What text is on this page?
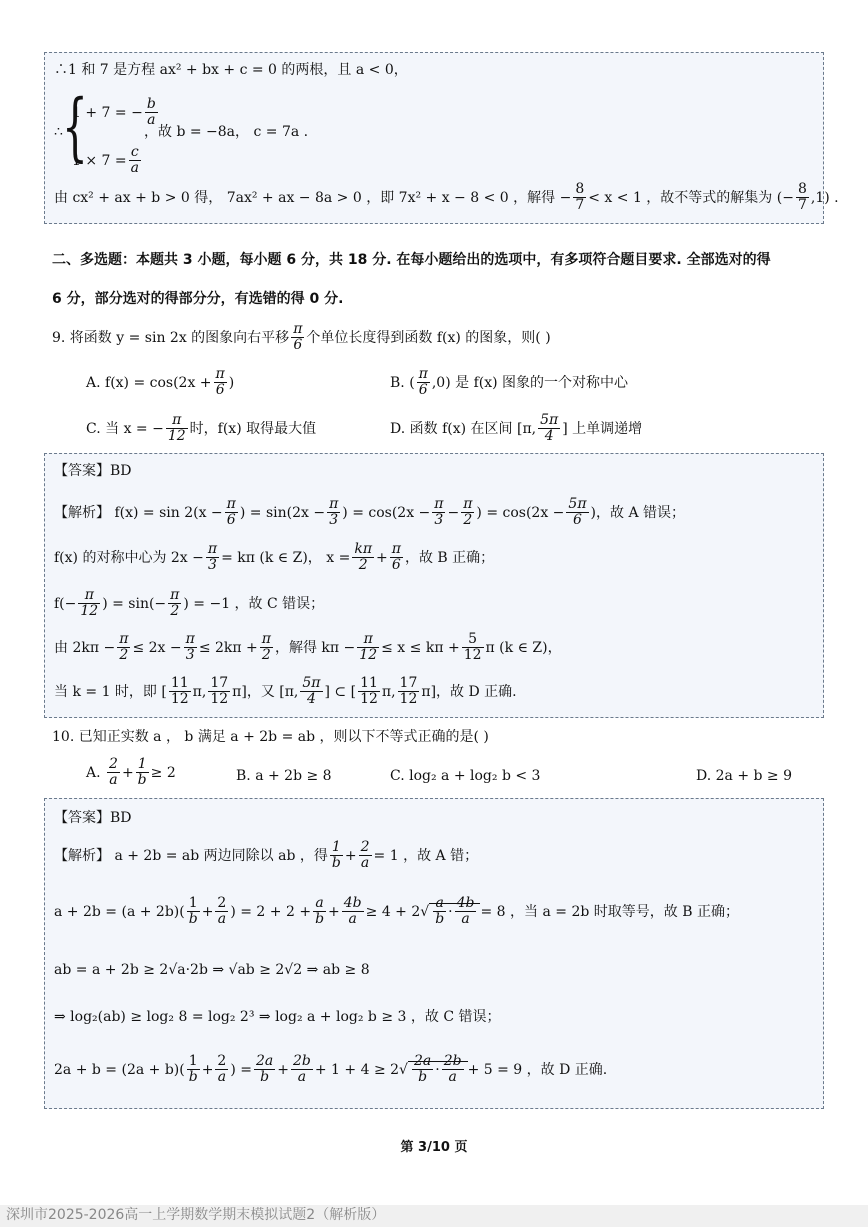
∴1 和 7 是方程 ax² + bx + c = 0 的两根，且 a < 0，
∴ {
1 + 7 = − $\frac{b}{a}$
，故 b = −8a， c = 7a .
$1 \times 7 = \frac{c}{a}$
由 cx² + ax + b > 0 得， 7ax² + ax − 8a > 0 ，即 7x² + x − 8 < 0 ，解得 − $\frac{8}{7} < x < 1$ ，故不等式的解集为 (− $\frac{8}{7} ,1$) .
二、多选题：本题共 3 小题，每小题 6 分，共 18 分. 在每小题给出的选项中，有多项符合题目要求. 全部选对的得
6 分，部分选对的得部分分，有选错的得 0 分.
9. 将函数 y = sin 2x 的图象向右平移 $\frac{\pi}{6}$ 个单位长度得到函数 f(x) 的图象，则( )
A. $f(x) = \cos(2x + \frac{\pi}{6}$ )	B. ( $\frac{\pi}{6} ,0$) 是 f(x) 图象的一个对称中心
C. 当 x = − $\frac{\pi}{12}$ 时，f(x) 取得最大值	D. 函数 f(x) 在区间 [π, $\frac{5\pi}{4}$ ] 上单调递增
【答案】BD
【解析】 $f(x) = \sin 2(x - \frac{\pi}{6}$ ) = $\sin(2x - \frac{\pi}{3}$ ) = $\cos(2x - \frac{\pi}{3} - \frac{\pi}{2}$ ) = $\cos(2x - \frac{5\pi}{6}$ )，故 A 错误；
f(x) 的对称中心为 $2x - \frac{\pi}{3} = k\pi$ (k ∈ Z)， $x = \frac{k\pi}{2} + \frac{\pi}{6}$ ，故 B 正确；
$f(- \frac{\pi}{12}$ ) = $\sin(- \frac{\pi}{2}$ ) = −1 ，故 C 错误；
由 $2k\pi - \frac{\pi}{2} \le 2x - \frac{\pi}{3} \le 2k\pi + \frac{\pi}{2}$ ，解得 $k\pi - \frac{\pi}{12} \le x \le k\pi + \frac{5}{12}$ π (k ∈ Z)，
当 k = 1 时，即 [ $\frac{11}{12} \pi$, $\frac{17}{12} \pi$]，又 [π, $\frac{5\pi}{4}$ ] ⊂ [ $\frac{11}{12} \pi$, $\frac{17}{12} \pi$]，故 D 正确.
10. 已知正实数 a ， b 满足 a + 2b = ab ，则以下不等式正确的是( )
A. $\frac{2}{a} + \frac{1}{b} \ge 2$	B. a + 2b ≥ 8	C. log₂ a + log₂ b < 3	D. 2a + b ≥ 9
【答案】BD
【解析】 a + 2b = ab 两边同除以 ab ，得 $\frac{1}{b} + \frac{2}{a} = 1$ ，故 A 错；
$a + 2b = (a + 2b)( \frac{1}{b} + \frac{2}{a}$ ) = $2 + 2 + \frac{a}{b} + \frac{4b}{a} \ge 4 + 2√ \frac{a}{b} \cdot \frac{4b}{a} = 8$ ，当 a = 2b 时取等号，故 B 正确；
ab = a + 2b ≥ 2√a·2b ⇒ √ab ≥ 2√2 ⇒ ab ≥ 8
⇒ log₂(ab) ≥ log₂ 8 = log₂ 2³ ⇒ log₂ a + log₂ b ≥ 3 ，故 C 错误；
$2a + b = (2a + b)( \frac{1}{b} + \frac{2}{a}$ ) = $\frac{2a}{b} + \frac{2b}{a} + 1 + 4 \ge 2√ \frac{2a}{b} \cdot \frac{2b}{a} + 5 = 9$ ，故 D 正确.
第 3/10 页
深圳市2025-2026高一上学期数学期末模拟试题2（解析版）
